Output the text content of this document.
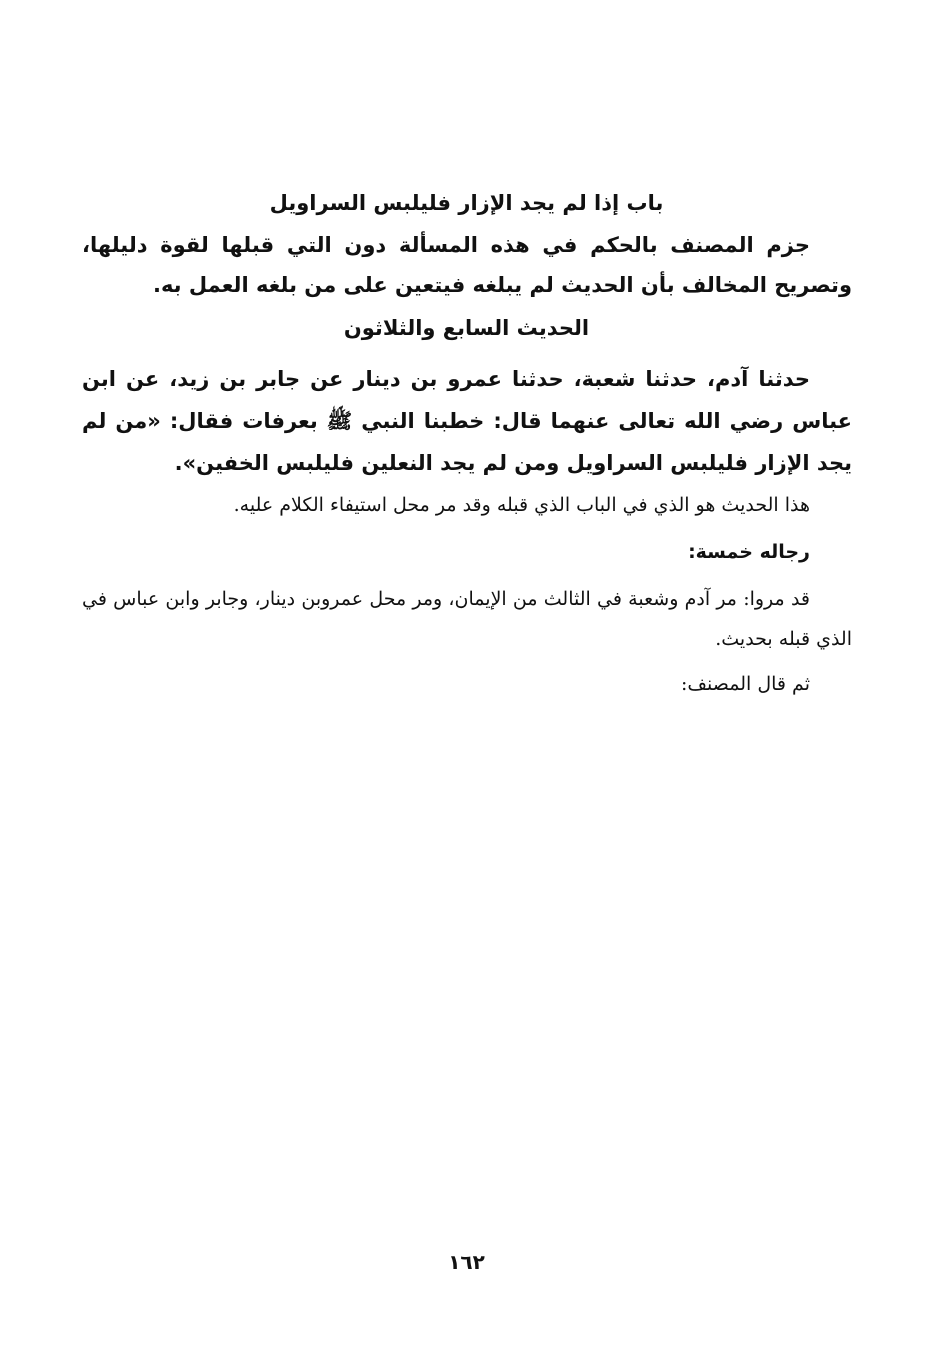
باب إذا لم يجد الإزار فليلبس السراويل

جزم المصنف بالحكم في هذه المسألة دون التي قبلها لقوة دليلها، وتصريح المخالف بأن الحديث لم يبلغه فيتعين على من بلغه العمل به.

الحديث السابع والثلاثون

حدثنا آدم، حدثنا شعبة، حدثنا عمرو بن دينار عن جابر بن زيد، عن ابن عباس رضي الله تعالى عنهما قال: خطبنا النبي ﷺ بعرفات فقال: «من لم يجد الإزار فليلبس السراويل ومن لم يجد النعلين فليلبس الخفين».

هذا الحديث هو الذي في الباب الذي قبله وقد مر محل استيفاء الكلام عليه.

رجاله خمسة:

قد مروا: مر آدم وشعبة في الثالث من الإيمان، ومر محل عمروبن دينار، وجابر وابن عباس في الذي قبله بحديث.

ثم قال المصنف:

١٦٢
